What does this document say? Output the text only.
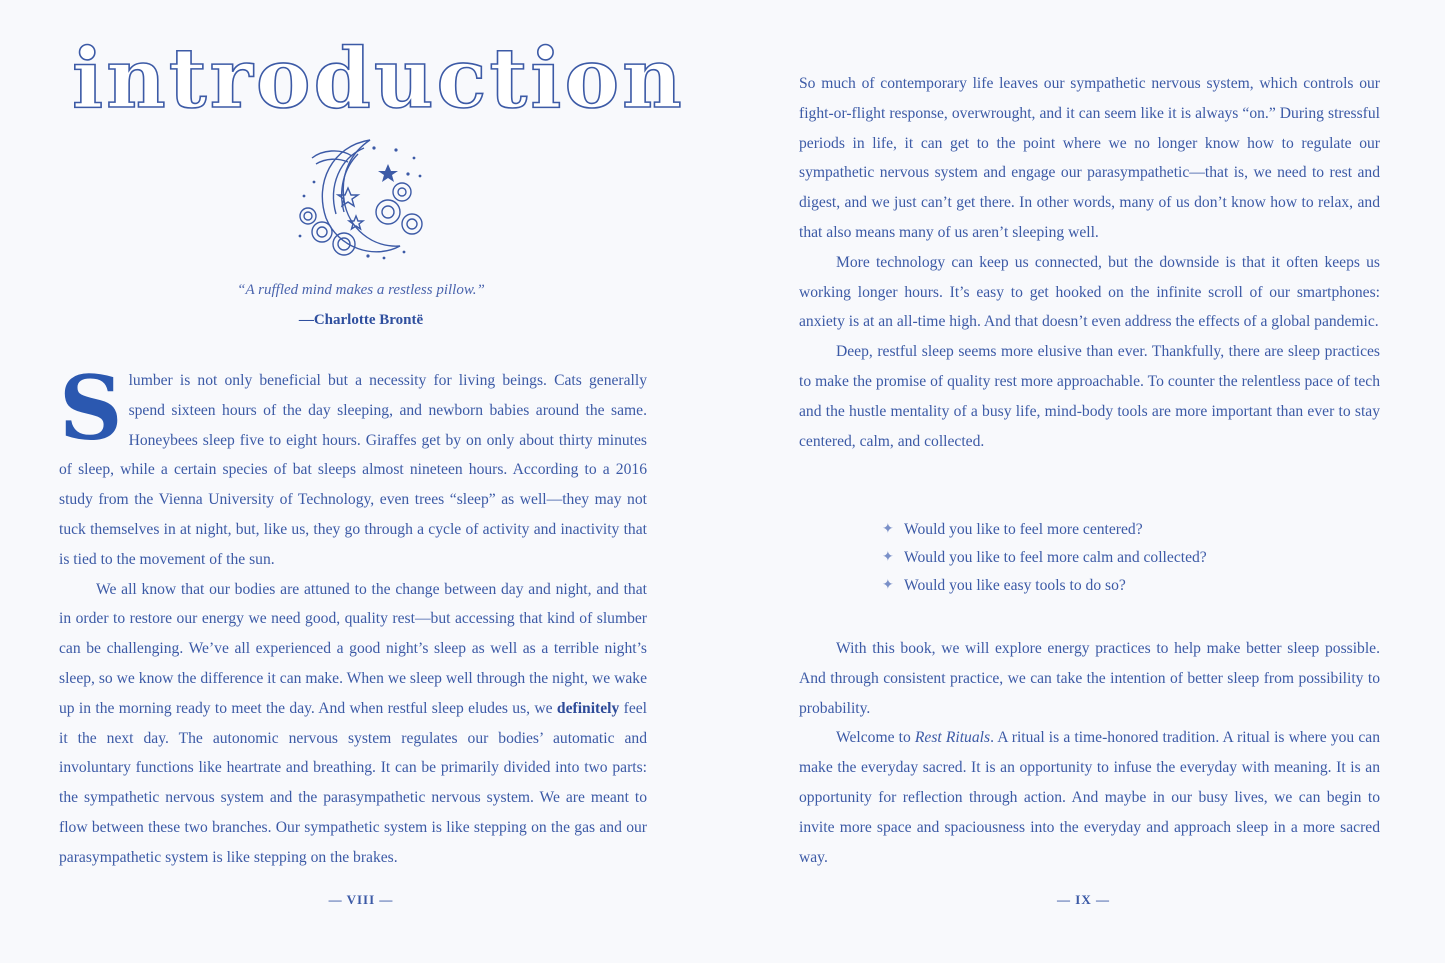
introduction

“A ruffled mind makes a restless pillow.”

—Charlotte Brontë

Slumber is not only beneficial but a necessity for living beings. Cats generally spend sixteen hours of the day sleeping, and newborn babies around the same. Honeybees sleep five to eight hours. Giraffes get by on only about thirty minutes of sleep, while a certain species of bat sleeps almost nineteen hours. According to a 2016 study from the Vienna University of Technology, even trees “sleep” as well—they may not tuck themselves in at night, but, like us, they go through a cycle of activity and inactivity that is tied to the movement of the sun.

We all know that our bodies are attuned to the change between day and night, and that in order to restore our energy we need good, quality rest—but accessing that kind of slumber can be challenging. We’ve all experienced a good night’s sleep as well as a terrible night’s sleep, so we know the difference it can make. When we sleep well through the night, we wake up in the morning ready to meet the day. And when restful sleep eludes us, we definitely feel it the next day. The autonomic nervous system regulates our bodies’ automatic and involuntary functions like heartrate and breathing. It can be primarily divided into two parts: the sympathetic nervous system and the parasympathetic nervous system. We are meant to flow between these two branches. Our sympathetic system is like stepping on the gas and our parasympathetic system is like stepping on the brakes.

— VIII —

So much of contemporary life leaves our sympathetic nervous system, which controls our fight-or-flight response, overwrought, and it can seem like it is always “on.” During stressful periods in life, it can get to the point where we no longer know how to regulate our sympathetic nervous system and engage our parasympathetic—that is, we need to rest and digest, and we just can’t get there. In other words, many of us don’t know how to relax, and that also means many of us aren’t sleeping well.

More technology can keep us connected, but the downside is that it often keeps us working longer hours. It’s easy to get hooked on the infinite scroll of our smartphones: anxiety is at an all-time high. And that doesn’t even address the effects of a global pandemic.

Deep, restful sleep seems more elusive than ever. Thankfully, there are sleep practices to make the promise of quality rest more approachable. To counter the relentless pace of tech and the hustle mentality of a busy life, mind-body tools are more important than ever to stay centered, calm, and collected.

✦ Would you like to feel more centered?
✦ Would you like to feel more calm and collected?
✦ Would you like easy tools to do so?

With this book, we will explore energy practices to help make better sleep possible. And through consistent practice, we can take the intention of better sleep from possibility to probability.

Welcome to Rest Rituals. A ritual is a time-honored tradition. A ritual is where you can make the everyday sacred. It is an opportunity to infuse the everyday with meaning. It is an opportunity for reflection through action. And maybe in our busy lives, we can begin to invite more space and spaciousness into the everyday and approach sleep in a more sacred way.

— IX —
